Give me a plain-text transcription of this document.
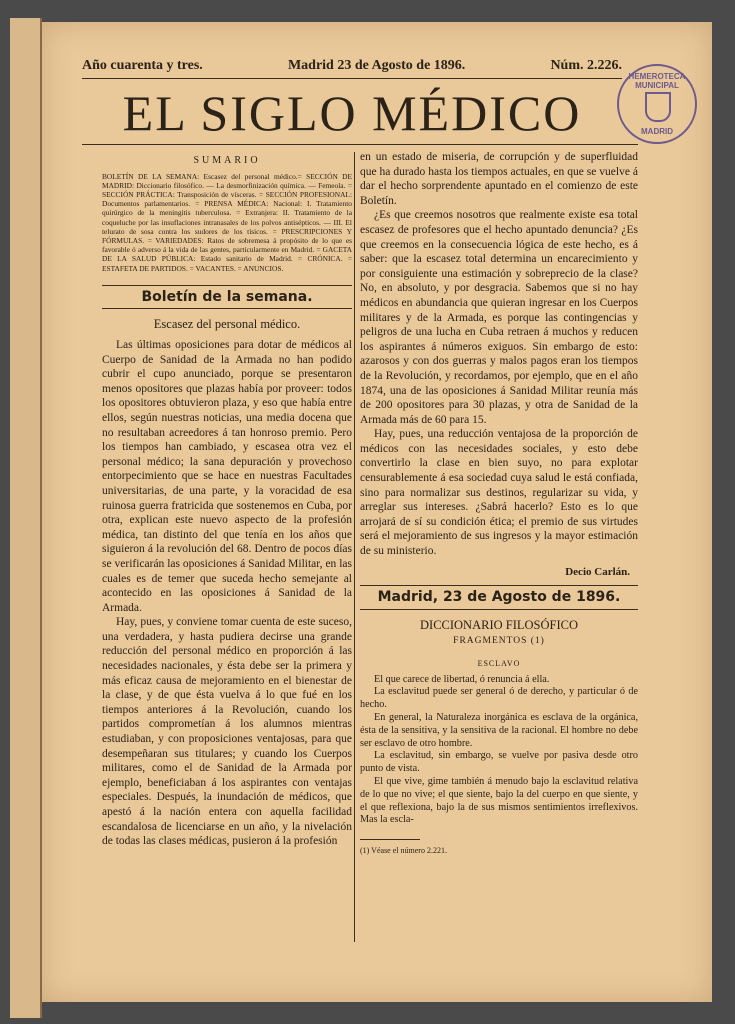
Año cuarenta y tres.	Madrid 23 de Agosto de 1896.	Núm. 2.226.
EL SIGLO MÉDICO
HEMEROTECA MUNICIPAL
MADRID
SUMARIO
BOLETÍN DE LA SEMANA: Escasez del personal médico.= SECCIÓN DE MADRID: Diccionario filosófico. — La desmorfinización química. — Femeola. = SECCIÓN PRÁCTICA: Transposición de vísceras. = SECCIÓN PROFESIONAL: Documentos parlamentarios. = PRENSA MÉDICA: Nacional: I. Tratamiento quirúrgico de la meningitis tuberculosa. = Extranjera: II. Tratamiento de la coqueluche por las insuflaciones intranasales de los polvos antisépticos. — III. El telurato de sosa contra los sudores de los tísicos. = PRESCRIPCIONES Y FÓRMULAS. = VARIEDADES: Ratos de sobremesa á propósito de lo que es favorable ó adverso á la vida de las gentes, particularmente en Madrid. = GACETA DE LA SALUD PÚBLICA: Estado sanitario de Madrid. = CRÓNICA. = ESTAFETA DE PARTIDOS. = VACANTES. = ANUNCIOS.
Boletín de la semana.
Escasez del personal médico.

Las últimas oposiciones para dotar de médicos al Cuerpo de Sanidad de la Armada no han podido cubrir el cupo anunciado, porque se presentaron menos opositores que plazas había por proveer: todos los opositores obtuvieron plaza, y eso que había entre ellos, según nuestras noticias, una media docena que no resultaban acreedores á tan honroso premio. Pero los tiempos han cambiado, y escasea otra vez el personal médico; la sana depuración y provechoso entorpecimiento que se hace en nuestras Facultades universitarias, de una parte, y la voracidad de esa ruinosa guerra fratricida que sostenemos en Cuba, por otra, explican este nuevo aspecto de la profesión médica, tan distinto del que tenía en los años que siguieron á la revolución del 68. Dentro de pocos días se verificarán las oposiciones á Sanidad Militar, en las cuales es de temer que suceda hecho semejante al acontecido en las oposiciones á Sanidad de la Armada.

Hay, pues, y conviene tomar cuenta de este suceso, una verdadera, y hasta pudiera decirse una grande reducción del personal médico en proporción á las necesidades nacionales, y ésta debe ser la primera y más eficaz causa de mejoramiento en el bienestar de la clase, y de que ésta vuelva á lo que fué en los tiempos anteriores á la Revolución, cuando los partidos comprometían á los alumnos mientras estudiaban, y con proposiciones ventajosas, para que desempeñaran sus titulares; y cuando los Cuerpos militares, como el de Sanidad de la Armada por ejemplo, beneficiaban á los aspirantes con ventajas especiales. Después, la inundación de médicos, que apestó á la nación entera con aquella facilidad escandalosa de licenciarse en un año, y la nivelación de todas las clases médicas, pusieron á la profesión

en un estado de miseria, de corrupción y de superfluidad que ha durado hasta los tiempos actuales, en que se vuelve á dar el hecho sorprendente apuntado en el comienzo de este Boletín.

¿Es que creemos nosotros que realmente existe esa total escasez de profesores que el hecho apuntado denuncia? ¿Es que creemos en la consecuencia lógica de este hecho, es á saber: que la escasez total determina un encarecimiento y por consiguiente una estimación y sobreprecio de la clase? No, en absoluto, y por desgracia. Sabemos que si no hay médicos en abundancia que quieran ingresar en los Cuerpos militares y de la Armada, es porque las contingencias y peligros de una lucha en Cuba retraen á muchos y reducen los aspirantes á números exiguos. Sin embargo de esto: azarosos y con dos guerras y malos pagos eran los tiempos de la Revolución, y recordamos, por ejemplo, que en el año 1874, una de las oposiciones á Sanidad Militar reunía más de 200 opositores para 30 plazas, y otra de Sanidad de la Armada más de 60 para 15.

Hay, pues, una reducción ventajosa de la proporción de médicos con las necesidades sociales, y esto debe convertirlo la clase en bien suyo, no para explotar censurablemente á esa sociedad cuya salud le está confiada, sino para normalizar sus destinos, regularizar su vida, y arreglar sus intereses. ¿Sabrá hacerlo? Esto es lo que arrojará de sí su condición ética; el premio de sus virtudes será el mejoramiento de sus ingresos y la mayor estimación de su ministerio.

Decio Carlán.
Madrid, 23 de Agosto de 1896.
DICCIONARIO FILOSÓFICO
FRAGMENTOS (1)
ESCLAVO

El que carece de libertad, ó renuncia á ella.

La esclavitud puede ser general ó de derecho, y particular ó de hecho.

En general, la Naturaleza inorgánica es esclava de la orgánica, ésta de la sensitiva, y la sensitiva de la racional. El hombre no debe ser esclavo de otro hombre.

La esclavitud, sin embargo, se vuelve por pasiva desde otro punto de vista.

El que vive, gime también á menudo bajo la esclavitud relativa de lo que no vive; el que siente, bajo la del cuerpo en que siente, y el que reflexiona, bajo la de sus mismos sentimientos irreflexivos. Mas la escla-

(1) Véase el número 2.221.
